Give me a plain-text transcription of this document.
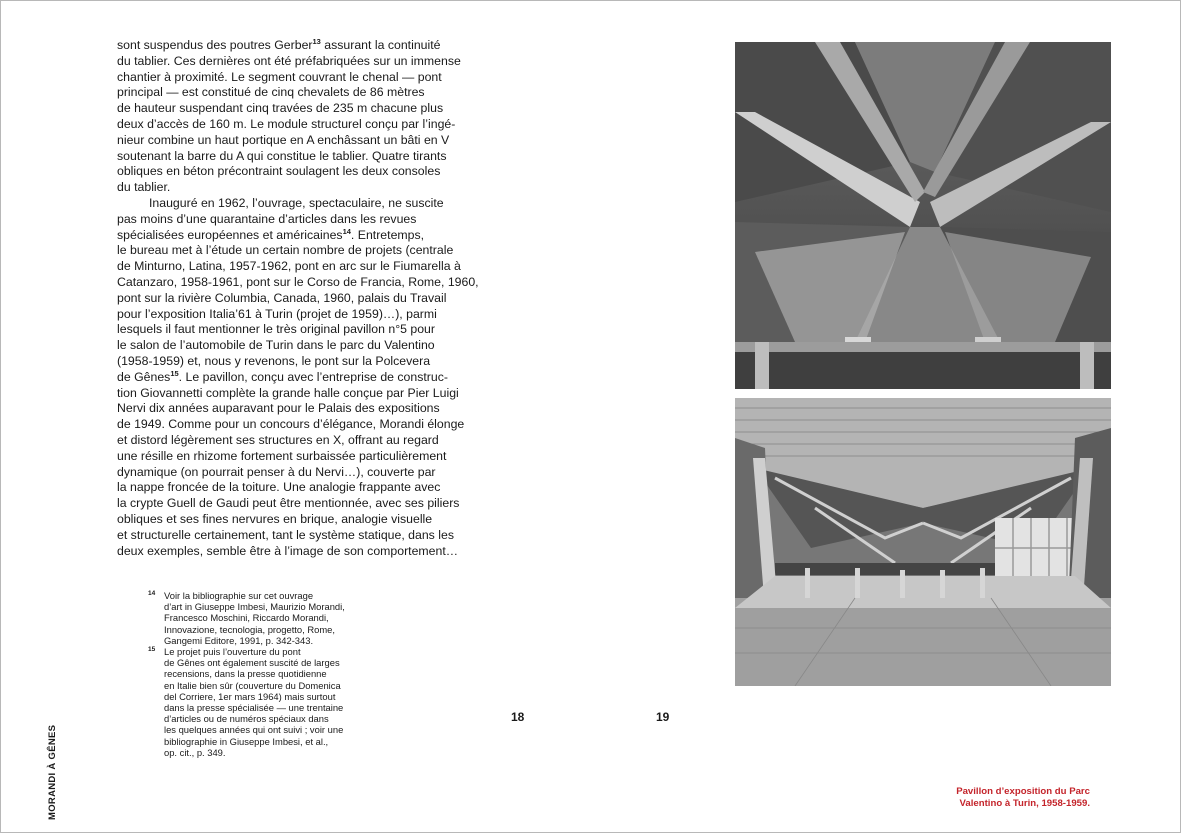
sont suspendus des poutres Gerber$^{13}$ assurant la continuité
du tablier. Ces dernières ont été préfabriquées sur un immense
chantier à proximité. Le segment couvrant le chenal — pont
principal — est constitué de cinq chevalets de 86 mètres
de hauteur suspendant cinq travées de 235 m chacune plus
deux d’accès de 160 m. Le module structurel conçu par l’ingé-
nieur combine un haut portique en A enchâssant un bâti en V
soutenant la barre du A qui constitue le tablier. Quatre tirants
obliques en béton précontraint soulagent les deux consoles
du tablier.

Inauguré en 1962, l’ouvrage, spectaculaire, ne suscite
pas moins d’une quarantaine d’articles dans les revues
spécialisées européennes et américaines$^{14}$. Entretemps,
le bureau met à l’étude un certain nombre de projets (centrale
de Minturno, Latina, 1957-1962, pont en arc sur le Fiumarella à
Catanzaro, 1958-1961, pont sur le Corso de Francia, Rome, 1960,
pont sur la rivière Columbia, Canada, 1960, palais du Travail
pour l’exposition Italia’61 à Turin (projet de 1959)…), parmi
lesquels il faut mentionner le très original pavillon n°5 pour
le salon de l’automobile de Turin dans le parc du Valentino
(1958-1959) et, nous y revenons, le pont sur la Polcevera
de Gênes$^{15}$. Le pavillon, conçu avec l’entreprise de construc-
tion Giovannetti complète la grande halle conçue par Pier Luigi
Nervi dix années auparavant pour le Palais des expositions
de 1949. Comme pour un concours d’élégance, Morandi élonge
et distord légèrement ses structures en X, offrant au regard
une résille en rhizome fortement surbaissée particulièrement
dynamique (on pourrait penser à du Nervi…), couverte par
la nappe froncée de la toiture. Une analogie frappante avec
la crypte Guell de Gaudi peut être mentionnée, avec ses piliers
obliques et ses fines nervures en brique, analogie visuelle
et structurelle certainement, tant le système statique, dans les
deux exemples, semble être à l’image de son comportement…

14 Voir la bibliographie sur cet ouvrage
d’art in Giuseppe Imbesi, Maurizio Morandi,
Francesco Moschini, Riccardo Morandi,
Innovazione, tecnologia, progetto, Rome,
Gangemi Editore, 1991, p. 342-343.
15 Le projet puis l’ouverture du pont
de Gênes ont également suscité de larges
recensions, dans la presse quotidienne
en Italie bien sûr (couverture du Domenica
del Corriere, 1er mars 1964) mais surtout
dans la presse spécialisée — une trentaine
d’articles ou de numéros spéciaux dans
les quelques années qui ont suivi ; voir une
bibliographie in Giuseppe Imbesi, et al.,
op. cit., p. 349.
18	19
MORANDI À GÊNES	Pavillon d’exposition du Parc
Valentino à Turin, 1958-1959.
